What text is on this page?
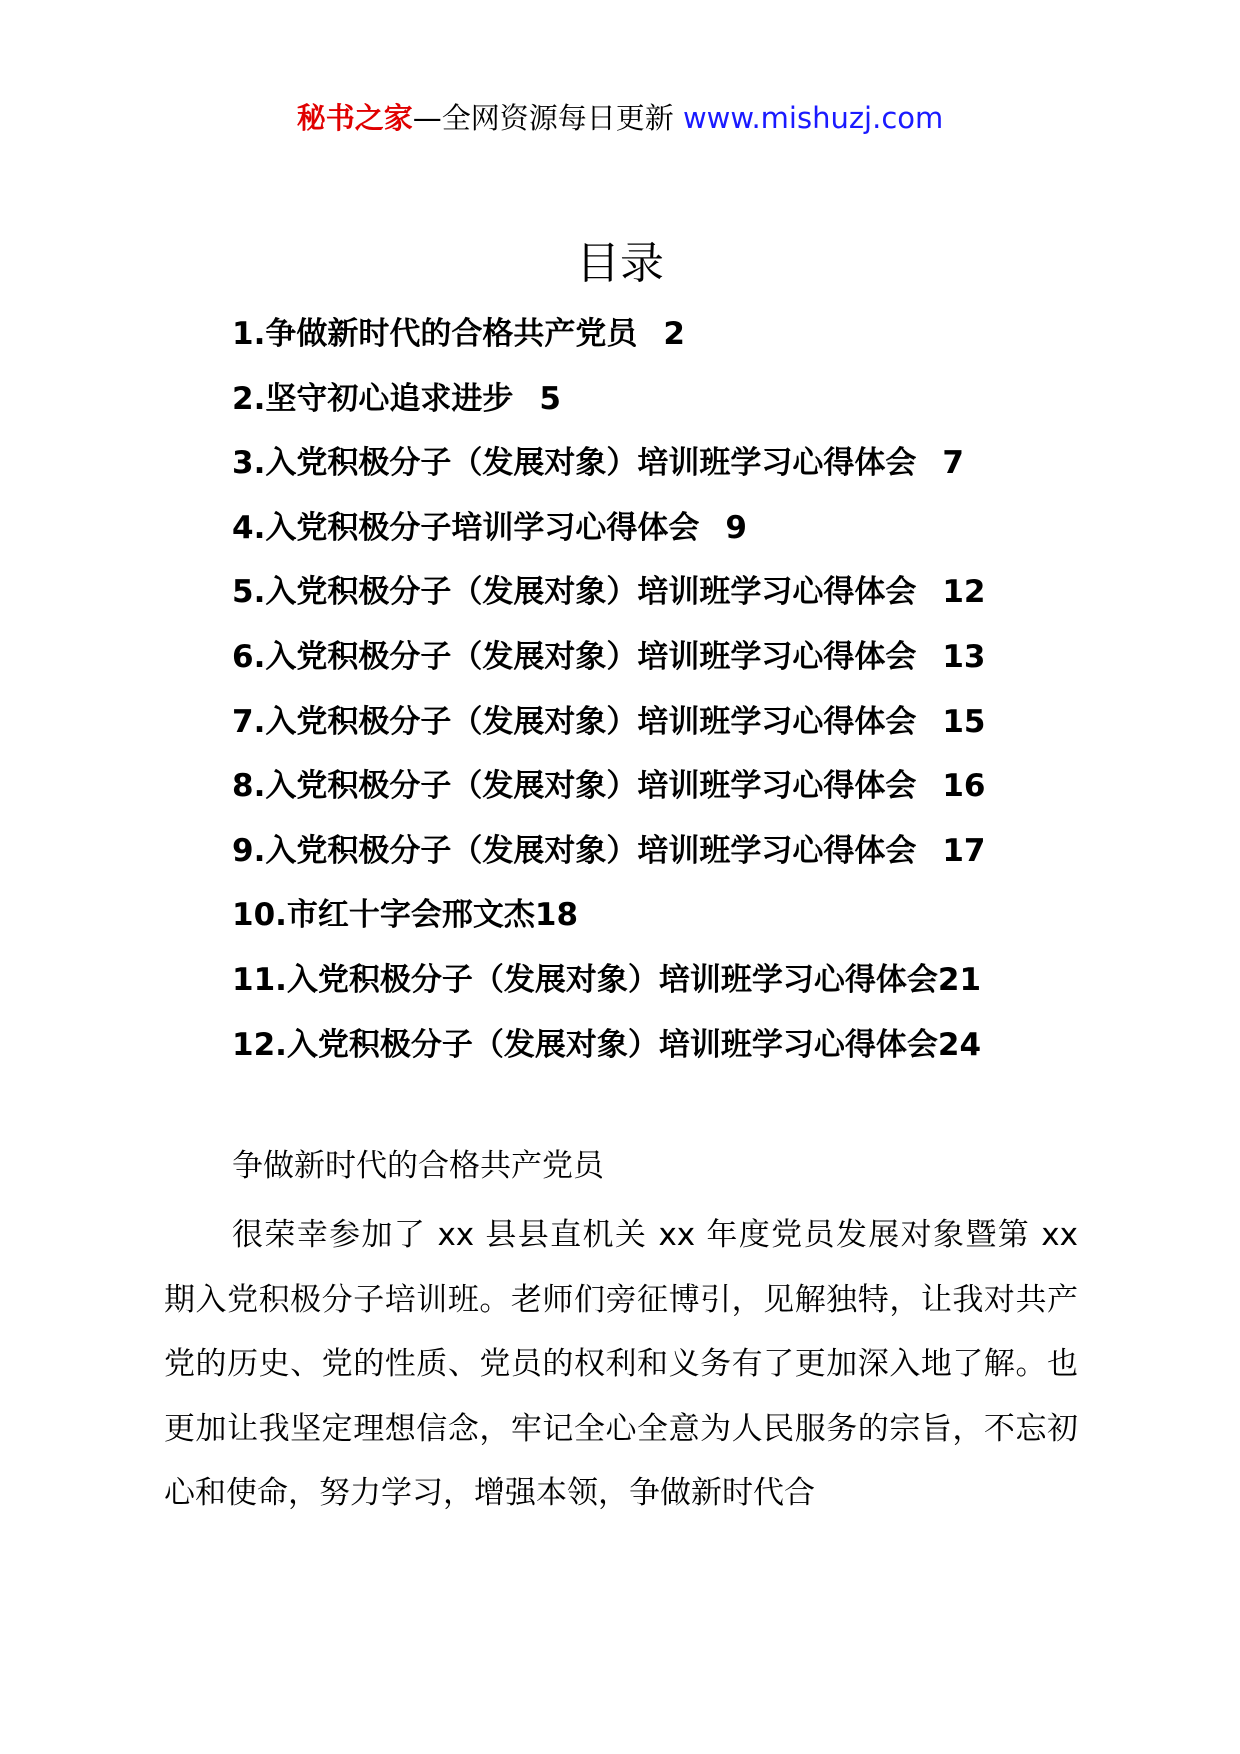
秘书之家—全网资源每日更新 www.mishuzj.com
目录
1.争做新时代的合格共产党员 2
2.坚守初心追求进步 5
3.入党积极分子（发展对象）培训班学习心得体会 7
4.入党积极分子培训学习心得体会 9
5.入党积极分子（发展对象）培训班学习心得体会 12
6.入党积极分子（发展对象）培训班学习心得体会 13
7.入党积极分子（发展对象）培训班学习心得体会 15
8.入党积极分子（发展对象）培训班学习心得体会 16
9.入党积极分子（发展对象）培训班学习心得体会 17
10.市红十字会邢文杰18
11.入党积极分子（发展对象）培训班学习心得体会21
12.入党积极分子（发展对象）培训班学习心得体会24
争做新时代的合格共产党员

很荣幸参加了 xx 县县直机关 xx 年度党员发展对象暨第 xx 期入党积极分子培训班。老师们旁征博引，见解独特，让我对共产党的历史、党的性质、党员的权利和义务有了更加深入地了解。也更加让我坚定理想信念，牢记全心全意为人民服务的宗旨，不忘初心和使命，努力学习，增强本领，争做新时代合
